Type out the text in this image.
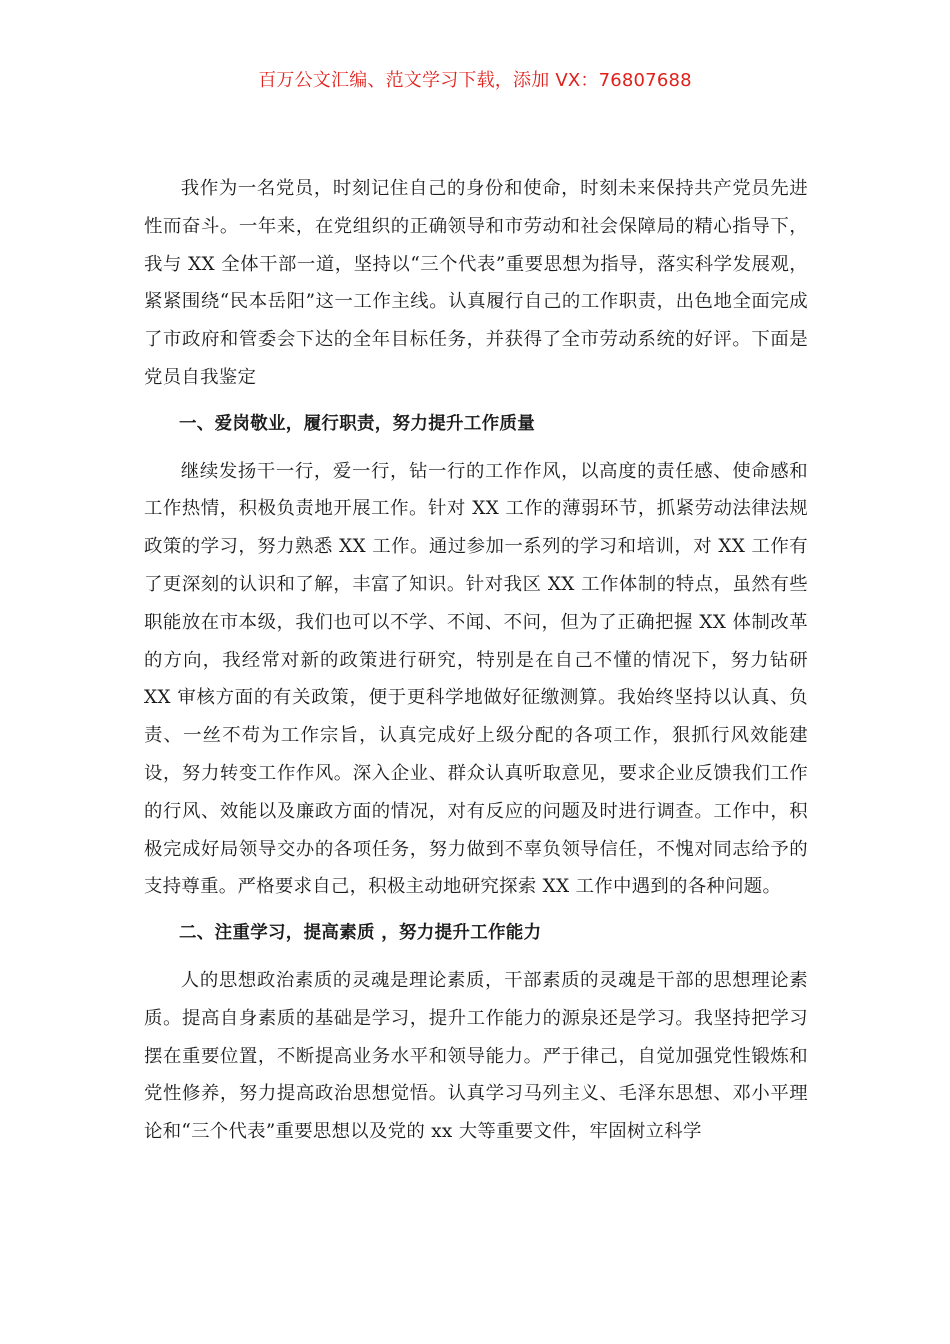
百万公文汇编、范文学习下载，添加 VX：76807688

我作为一名党员，时刻记住自己的身份和使命，时刻未来保持共产党员先进性而奋斗。一年来，在党组织的正确领导和市劳动和社会保障局的精心指导下，我与 XX 全体干部一道，坚持以“三个代表”重要思想为指导，落实科学发展观，紧紧围绕“民本岳阳”这一工作主线。认真履行自己的工作职责，出色地全面完成了市政府和管委会下达的全年目标任务，并获得了全市劳动系统的好评。下面是党员自我鉴定

一、爱岗敬业，履行职责，努力提升工作质量

继续发扬干一行，爱一行，钻一行的工作作风，以高度的责任感、使命感和工作热情，积极负责地开展工作。针对 XX 工作的薄弱环节，抓紧劳动法律法规政策的学习，努力熟悉 XX 工作。通过参加一系列的学习和培训，对 XX 工作有了更深刻的认识和了解，丰富了知识。针对我区 XX 工作体制的特点，虽然有些职能放在市本级，我们也可以不学、不闻、不问，但为了正确把握 XX 体制改革的方向，我经常对新的政策进行研究，特别是在自己不懂的情况下，努力钻研 XX 审核方面的有关政策，便于更科学地做好征缴测算。我始终坚持以认真、负责、一丝不苟为工作宗旨，认真完成好上级分配的各项工作，狠抓行风效能建设，努力转变工作作风。深入企业、群众认真听取意见，要求企业反馈我们工作的行风、效能以及廉政方面的情况，对有反应的问题及时进行调查。工作中，积极完成好局领导交办的各项任务，努力做到不辜负领导信任，不愧对同志给予的支持尊重。严格要求自己，积极主动地研究探索 XX 工作中遇到的各种问题。

二、注重学习，提高素质 ，努力提升工作能力

人的思想政治素质的灵魂是理论素质，干部素质的灵魂是干部的思想理论素质。提高自身素质的基础是学习，提升工作能力的源泉还是学习。我坚持把学习摆在重要位置，不断提高业务水平和领导能力。严于律己，自觉加强党性锻炼和党性修养，努力提高政治思想觉悟。认真学习马列主义、毛泽东思想、邓小平理论和“三个代表”重要思想以及党的 xx 大等重要文件，牢固树立科学
